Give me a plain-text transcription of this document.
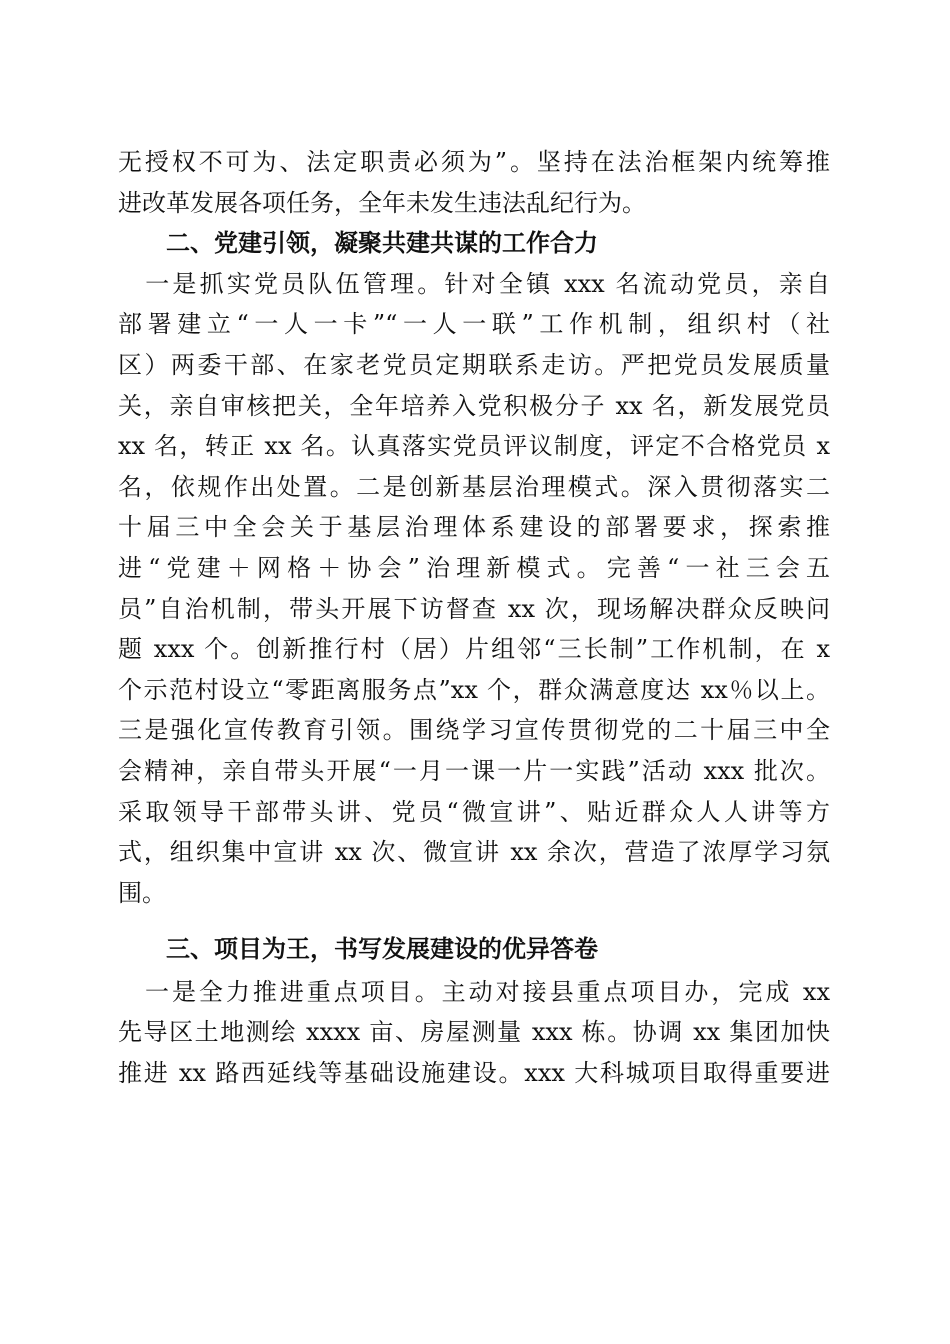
无授权不可为、法定职责必须为”。坚持在法治框架内统筹推
进改革发展各项任务，全年未发生违法乱纪行为。
二、党建引领，凝聚共建共谋的工作合力
　一是抓实党员队伍管理。针对全镇 xxx 名流动党员，亲自
部署建立“一人一卡”“一人一联”工作机制，组织村（社
区）两委干部、在家老党员定期联系走访。严把党员发展质量
关，亲自审核把关，全年培养入党积极分子 xx 名，新发展党员
xx 名，转正 xx 名。认真落实党员评议制度，评定不合格党员 x
名，依规作出处置。二是创新基层治理模式。深入贯彻落实二
十届三中全会关于基层治理体系建设的部署要求，探索推
进“党建＋网格＋协会”治理新模式。完善“一社三会五
员”自治机制，带头开展下访督查 xx 次，现场解决群众反映问
题 xxx 个。创新推行村（居）片组邻“三长制”工作机制，在 x
个示范村设立“零距离服务点”xx 个，群众满意度达 xx％以上。
三是强化宣传教育引领。围绕学习宣传贯彻党的二十届三中全
会精神，亲自带头开展“一月一课一片一实践”活动 xxx 批次。
采取领导干部带头讲、党员“微宣讲”、贴近群众人人讲等方
式，组织集中宣讲 xx 次、微宣讲 xx 余次，营造了浓厚学习氛
围。
三、项目为王，书写发展建设的优异答卷
　一是全力推进重点项目。主动对接县重点项目办，完成 xx
先导区土地测绘 xxxx 亩、房屋测量 xxx 栋。协调 xx 集团加快
推进 xx 路西延线等基础设施建设。xxx 大科城项目取得重要进
